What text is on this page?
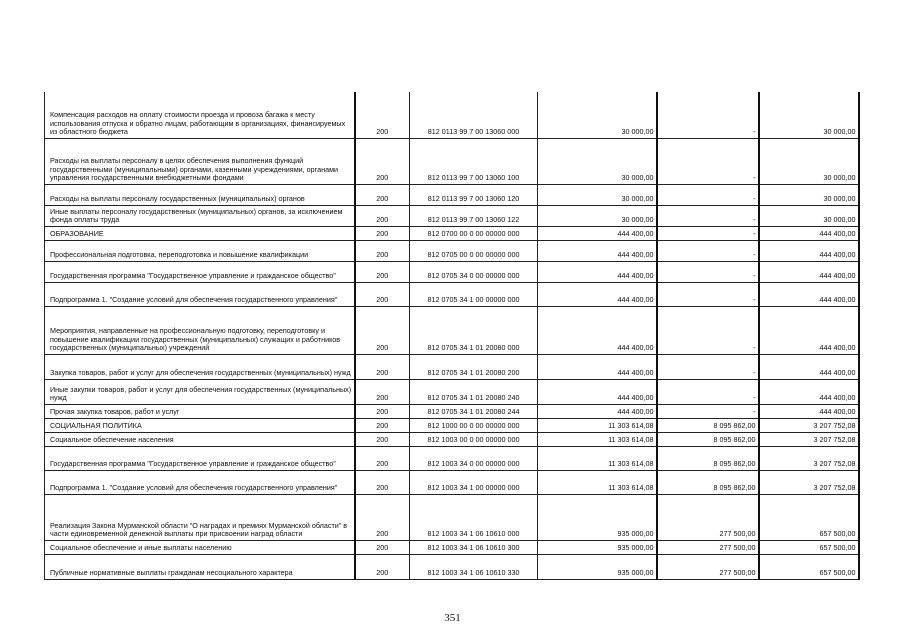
Компенсация расходов на оплату стоимости проезда и провоза багажа к месту использования отпуска и обратно лицам, работающим в организациях, финансируемых из областного бюджета	200	812 0113 99 7 00 13060 000	30 000,00	-	30 000,00
Расходы на выплаты персоналу в целях обеспечения выполнения функций государственными (муниципальными) органами, казенными учреждениями, органами управления государственными внебюджетными фондами	200	812 0113 99 7 00 13060 100	30 000,00	-	30 000,00
Расходы на выплаты персоналу государственных (муниципальных) органов	200	812 0113 99 7 00 13060 120	30 000,00	-	30 000,00
Иные выплаты персоналу государственных (муниципальных) органов, за исключением фонда оплаты труда	200	812 0113 99 7 00 13060 122	30 000,00	-	30 000,00
ОБРАЗОВАНИЕ	200	812 0700 00 0 00 00000 000	444 400,00	-	444 400,00
Профессиональная подготовка, переподготовка и повышение квалификации	200	812 0705 00 0 00 00000 000	444 400,00	-	444 400,00
Государственная программа "Государственное управление и гражданское общество"	200	812 0705 34 0 00 00000 000	444 400,00	-	444 400,00
Подпрограмма 1. "Создание условий для обеспечения государственного управления"	200	812 0705 34 1 00 00000 000	444 400,00	-	444 400,00
Мероприятия, направленные на профессиональную подготовку, переподготовку и повышение квалификации государственных (муниципальных) служащих и работников государственных (муниципальных) учреждений	200	812 0705 34 1 01 20080 000	444 400,00	-	444 400,00
Закупка товаров, работ и услуг для обеспечения государственных (муниципальных) нужд	200	812 0705 34 1 01 20080 200	444 400,00	-	444 400,00
Иные закупки товаров, работ и услуг для обеспечения государственных (муниципальных) нужд	200	812 0705 34 1 01 20080 240	444 400,00	-	444 400,00
Прочая закупка товаров, работ и услуг	200	812 0705 34 1 01 20080 244	444 400,00	-	444 400,00
СОЦИАЛЬНАЯ ПОЛИТИКА	200	812 1000 00 0 00 00000 000	11 303 614,08	8 095 862,00	3 207 752,08
Социальное обеспечение населения	200	812 1003 00 0 00 00000 000	11 303 614,08	8 095 862,00	3 207 752,08
Государственная программа "Государственное управление и гражданское общество"	200	812 1003 34 0 00 00000 000	11 303 614,08	8 095 862,00	3 207 752,08
Подпрограмма 1. "Создание условий для обеспечения государственного управления"	200	812 1003 34 1 00 00000 000	11 303 614,08	8 095 862,00	3 207 752,08
Реализация Закона Мурманской области "О наградах и премиях Мурманской области" в части единовременной денежной выплаты при присвоении наград области	200	812 1003 34 1 06 10610 000	935 000,00	277 500,00	657 500,00
Социальное обеспечение и иные выплаты населению	200	812 1003 34 1 06 10610 300	935 000,00	277 500,00	657 500,00
Публичные нормативные выплаты гражданам несоциального характера	200	812 1003 34 1 06 10610 330	935 000,00	277 500,00	657 500,00
351
